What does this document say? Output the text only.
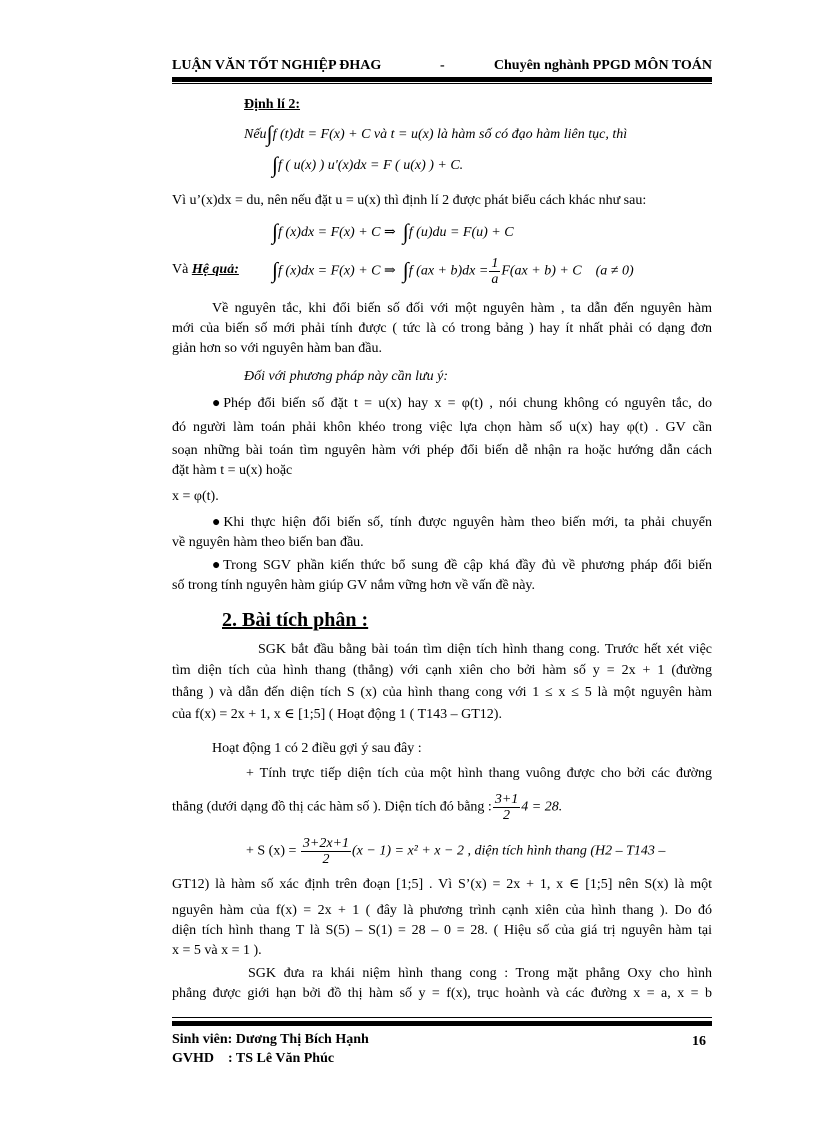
LUẬN VĂN TỐT NGHIỆP ĐHAG	-	Chuyên nghành PPGD MÔN TOÁN
Định lí 2:
Nếu∫f (t)dt = F(x) + C và t = u(x) là hàm số có đạo hàm liên tục, thì
∫f ( u(x) ) u'(x)dx = F ( u(x) ) + C.
Vì u’(x)dx = du, nên nếu đặt u = u(x) thì định lí 2 được phát biểu cách khác như sau:
∫f (x)dx = F(x) + C ⇒ ∫f (u)du = F(u) + C
Và Hệ quả: ∫f (x)dx = F(x) + C ⇒ ∫f $(ax + b)dx = \frac{1}{a} F(ax + b) + C$ (a ≠ 0)
Về nguyên tắc, khi đổi biến số đối với một nguyên hàm , ta dẫn đến nguyên hàm
mới của biến số mới phải tính được ( tức là có trong bảng ) hay ít nhất phải có dạng đơn
giản hơn so với nguyên hàm ban đầu.
Đối với phương pháp này cần lưu ý:
●Phép đổi biến số đặt t = u(x) hay x = φ(t) , nói chung không có nguyên tắc, do
đó người làm toán phải khôn khéo trong việc lựa chọn hàm số u(x) hay φ(t) . GV cần
soạn những bài toán tìm nguyên hàm với phép đổi biến dễ nhận ra hoặc hướng dẫn cách
đặt hàm t = u(x) hoặc
x = φ(t).
●Khi thực hiện đổi biến số, tính được nguyên hàm theo biến mới, ta phải chuyển
về nguyên hàm theo biến ban đầu.
●Trong SGV phần kiến thức bổ sung đề cập khá đầy đủ về phương pháp đổi biến
số trong tính nguyên hàm giúp GV nắm vững hơn về vấn đề này.
2. Bài tích phân :
SGK bắt đầu bằng bài toán tìm diện tích hình thang cong. Trước hết xét việc
tìm diện tích của hình thang (thẳng) với cạnh xiên cho bởi hàm số y = 2x + 1 (đường
thẳng ) và dẫn đến diện tích S (x) của hình thang cong với 1 ≤ x ≤ 5 là một nguyên hàm
của f(x) = 2x + 1, x ∈ [1;5] ( Hoạt động 1 ( T143 – GT12).
Hoạt động 1 có 2 điều gợi ý sau đây :
+ Tính trực tiếp diện tích của một hình thang vuông được cho bởi các đường
thẳng (dưới dạng đồ thị các hàm số ). Diện tích đó bằng : $\frac{3+1}{2} 4 = 28$.
+ S $(x) = \frac{3+2x+1}{2} (x - 1) = x^2 + x - 2$ , diện tích hình thang (H2 – T143 –
GT12) là hàm số xác định trên đoạn [1;5] . Vì S’(x) = 2x + 1, x ∈ [1;5] nên S(x) là một
nguyên hàm của f(x) = 2x + 1 ( đây là phương trình cạnh xiên của hình thang ). Do đó
diện tích hình thang T là S(5) – S(1) = 28 – 0 = 28. ( Hiệu số của giá trị nguyên hàm tại
x = 5 và x = 1 ).
SGK đưa ra khái niệm hình thang cong : Trong mặt phẳng Oxy cho hình
phẳng được giới hạn bởi đồ thị hàm số y = f(x), trục hoành và các đường x = a, x = b
Sinh viên: Dương Thị Bích Hạnh
GVHD    : TS Lê Văn Phúc
16
